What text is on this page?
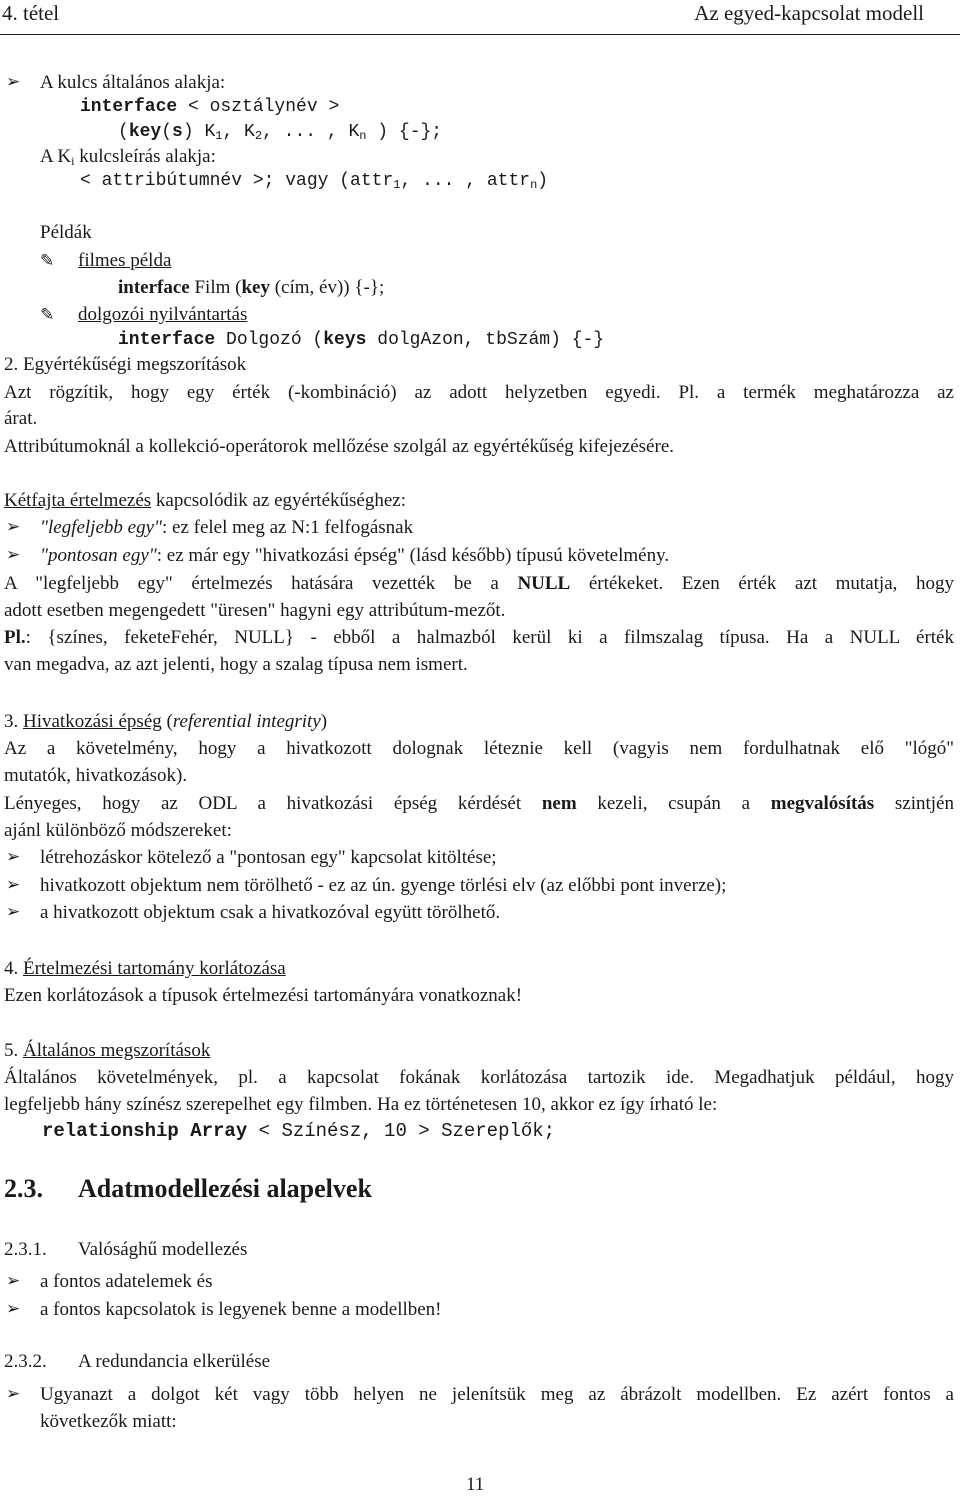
4. tétel	Az egyed-kapcsolat modell
➢ A kulcs általános alakja:
interface < osztálynév >
(key(s) $K_1$, $K_2$, ... , $K_n$ ) {-};
A $K_i$ kulcsleírás alakja:
< attribútumnév >; vagy (attr$_1$, ... , attr$_n$)
Példák
✎ filmes példa
interface Film (key (cím, év)) {-};
✎ dolgozói nyilvántartás
interface Dolgozó (keys dolgAzon, tbSzám) {-}
2. Egyértékűségi megszorítások
Azt rögzítik, hogy egy érték (-kombináció) az adott helyzetben egyedi. Pl. a termék meghatározza az
árat.
Attribútumoknál a kollekció-operátorok mellőzése szolgál az egyértékűség kifejezésére.
Kétfajta értelmezés kapcsolódik az egyértékűséghez:
➢ "legfeljebb egy": ez felel meg az N:1 felfogásnak
➢ "pontosan egy": ez már egy "hivatkozási épség" (lásd később) típusú követelmény.
A "legfeljebb egy" értelmezés hatására vezették be a NULL értékeket. Ezen érték azt mutatja, hogy
adott esetben megengedett "üresen" hagyni egy attribútum-mezőt.
Pl.: {színes, feketeFehér, NULL} - ebből a halmazból kerül ki a filmszalag típusa. Ha a NULL érték
van megadva, az azt jelenti, hogy a szalag típusa nem ismert.
3. Hivatkozási épség (referential integrity)
Az a követelmény, hogy a hivatkozott dolognak léteznie kell (vagyis nem fordulhatnak elő "lógó"
mutatók, hivatkozások).
Lényeges, hogy az ODL a hivatkozási épség kérdését nem kezeli, csupán a megvalósítás szintjén
ajánl különböző módszereket:
➢ létrehozáskor kötelező a "pontosan egy" kapcsolat kitöltése;
➢ hivatkozott objektum nem törölhető - ez az ún. gyenge törlési elv (az előbbi pont inverze);
➢ a hivatkozott objektum csak a hivatkozóval együtt törölhető.
4. Értelmezési tartomány korlátozása
Ezen korlátozások a típusok értelmezési tartományára vonatkoznak!
5. Általános megszorítások
Általános követelmények, pl. a kapcsolat fokának korlátozása tartozik ide. Megadhatjuk például, hogy
legfeljebb hány színész szerepelhet egy filmben. Ha ez történetesen 10, akkor ez így írható le:
relationship Array < Színész, 10 > Szereplők;
2.3. Adatmodellezési alapelvek
2.3.1. Valósághű modellezés
➢ a fontos adatelemek és
➢ a fontos kapcsolatok is legyenek benne a modellben!
2.3.2. A redundancia elkerülése
➢ Ugyanazt a dolgot két vagy több helyen ne jelenítsük meg az ábrázolt modellben. Ez azért fontos a
következők miatt:
11
